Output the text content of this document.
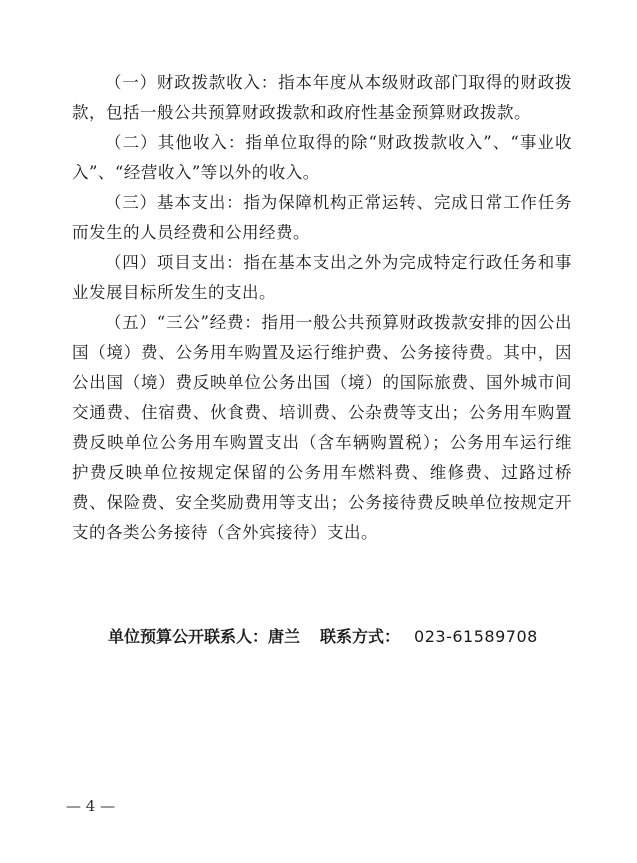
（一）财政拨款收入：指本年度从本级财政部门取得的财政拨款，包括一般公共预算财政拨款和政府性基金预算财政拨款。

（二）其他收入：指单位取得的除“财政拨款收入”、“事业收入”、“经营收入”等以外的收入。

（三）基本支出：指为保障机构正常运转、完成日常工作任务而发生的人员经费和公用经费。

（四）项目支出：指在基本支出之外为完成特定行政任务和事业发展目标所发生的支出。

（五）“三公”经费：指用一般公共预算财政拨款安排的因公出国（境）费、公务用车购置及运行维护费、公务接待费。其中，因公出国（境）费反映单位公务出国（境）的国际旅费、国外城市间交通费、住宿费、伙食费、培训费、公杂费等支出；公务用车购置费反映单位公务用车购置支出（含车辆购置税）；公务用车运行维护费反映单位按规定保留的公务用车燃料费、维修费、过路过桥费、保险费、安全奖励费用等支出；公务接待费反映单位按规定开支的各类公务接待（含外宾接待）支出。

单位预算公开联系人：唐兰 联系方式： 023-61589708
— 4 —
